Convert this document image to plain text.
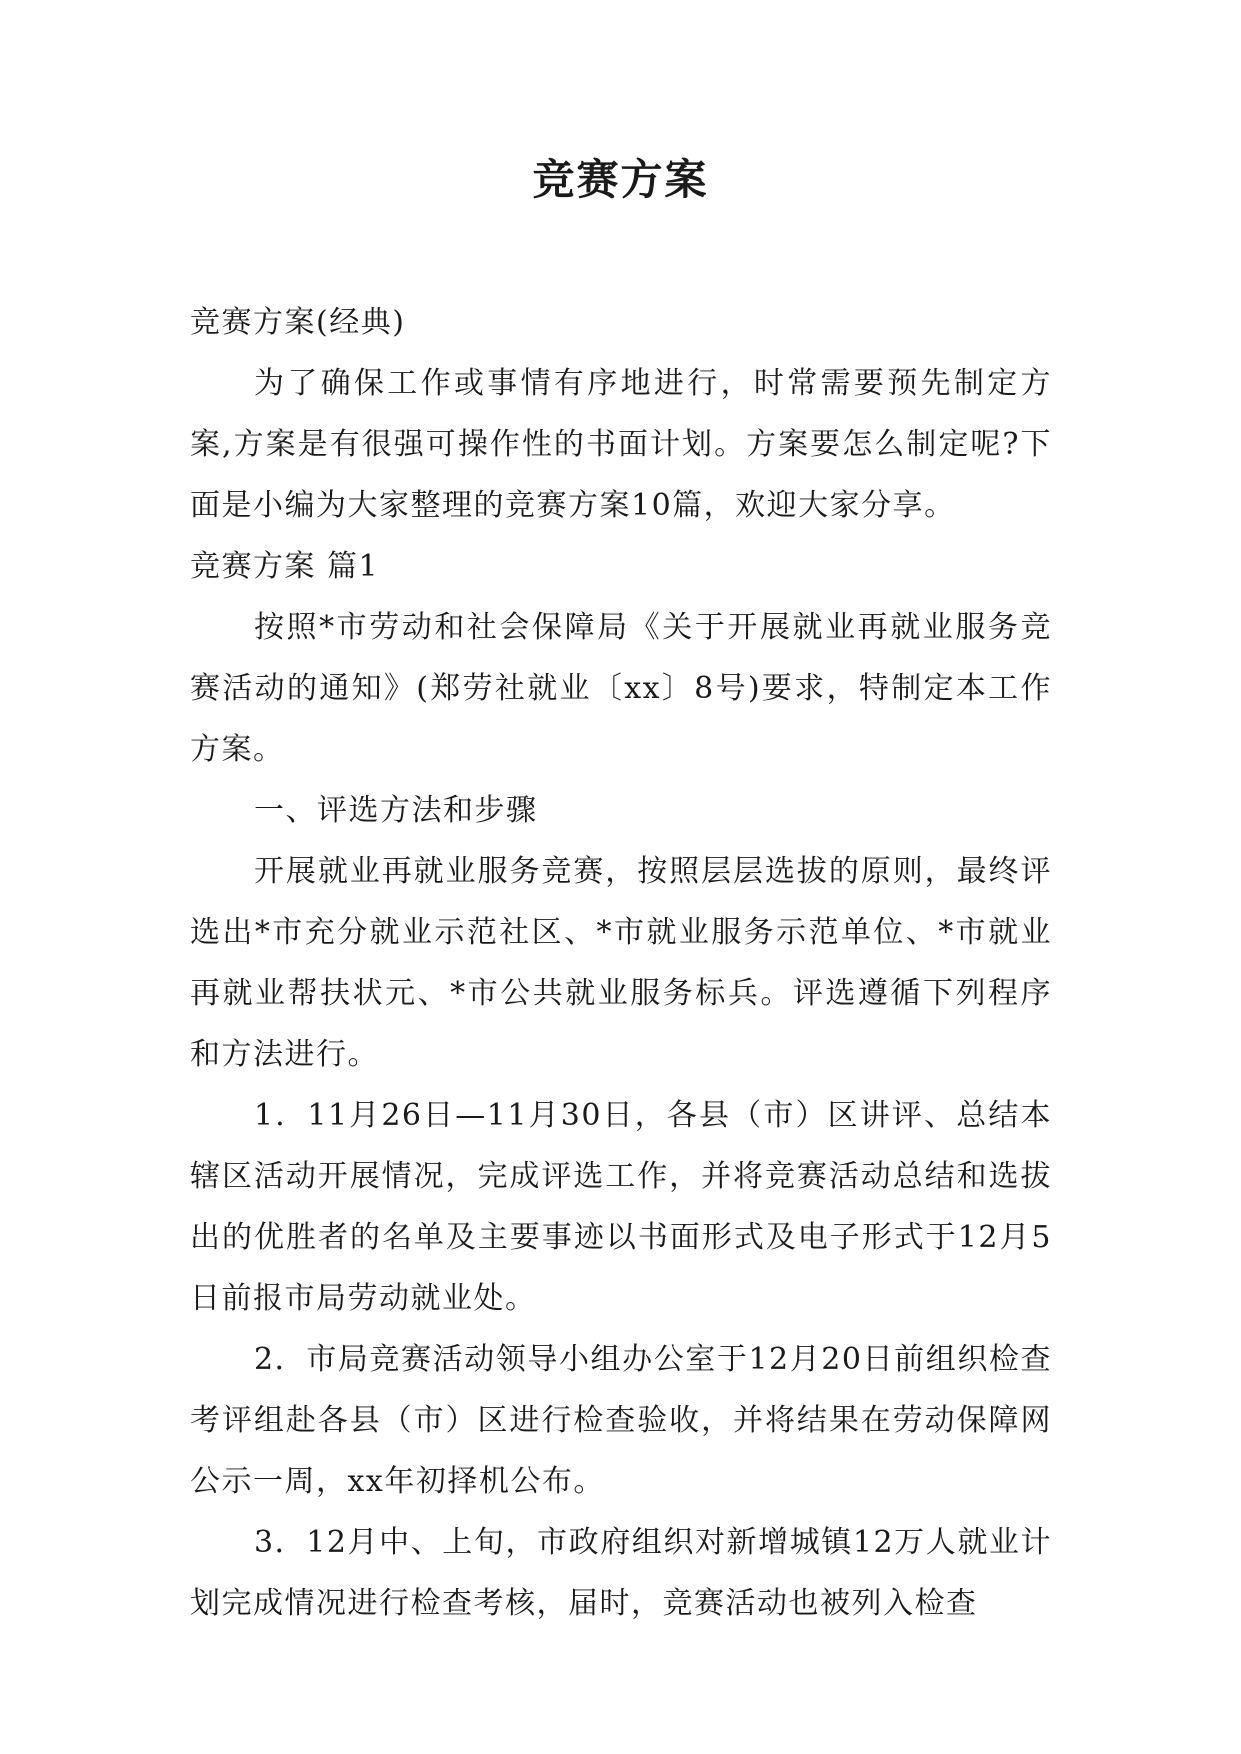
竞赛方案

竞赛方案(经典)

为了确保工作或事情有序地进行，时常需要预先制定方案,方案是有很强可操作性的书面计划。方案要怎么制定呢?下面是小编为大家整理的竞赛方案10篇，欢迎大家分享。

竞赛方案 篇1

按照*市劳动和社会保障局《关于开展就业再就业服务竞赛活动的通知》(郑劳社就业〔xx〕8号)要求，特制定本工作方案。

一、评选方法和步骤

开展就业再就业服务竞赛，按照层层选拔的原则，最终评选出*市充分就业示范社区、*市就业服务示范单位、*市就业再就业帮扶状元、*市公共就业服务标兵。评选遵循下列程序和方法进行。

1．11月26日—11月30日，各县（市）区讲评、总结本辖区活动开展情况，完成评选工作，并将竞赛活动总结和选拔出的优胜者的名单及主要事迹以书面形式及电子形式于12月5日前报市局劳动就业处。

2．市局竞赛活动领导小组办公室于12月20日前组织检查考评组赴各县（市）区进行检查验收，并将结果在劳动保障网公示一周，xx年初择机公布。

3．12月中、上旬，市政府组织对新增城镇12万人就业计划完成情况进行检查考核，届时，竞赛活动也被列入检查
